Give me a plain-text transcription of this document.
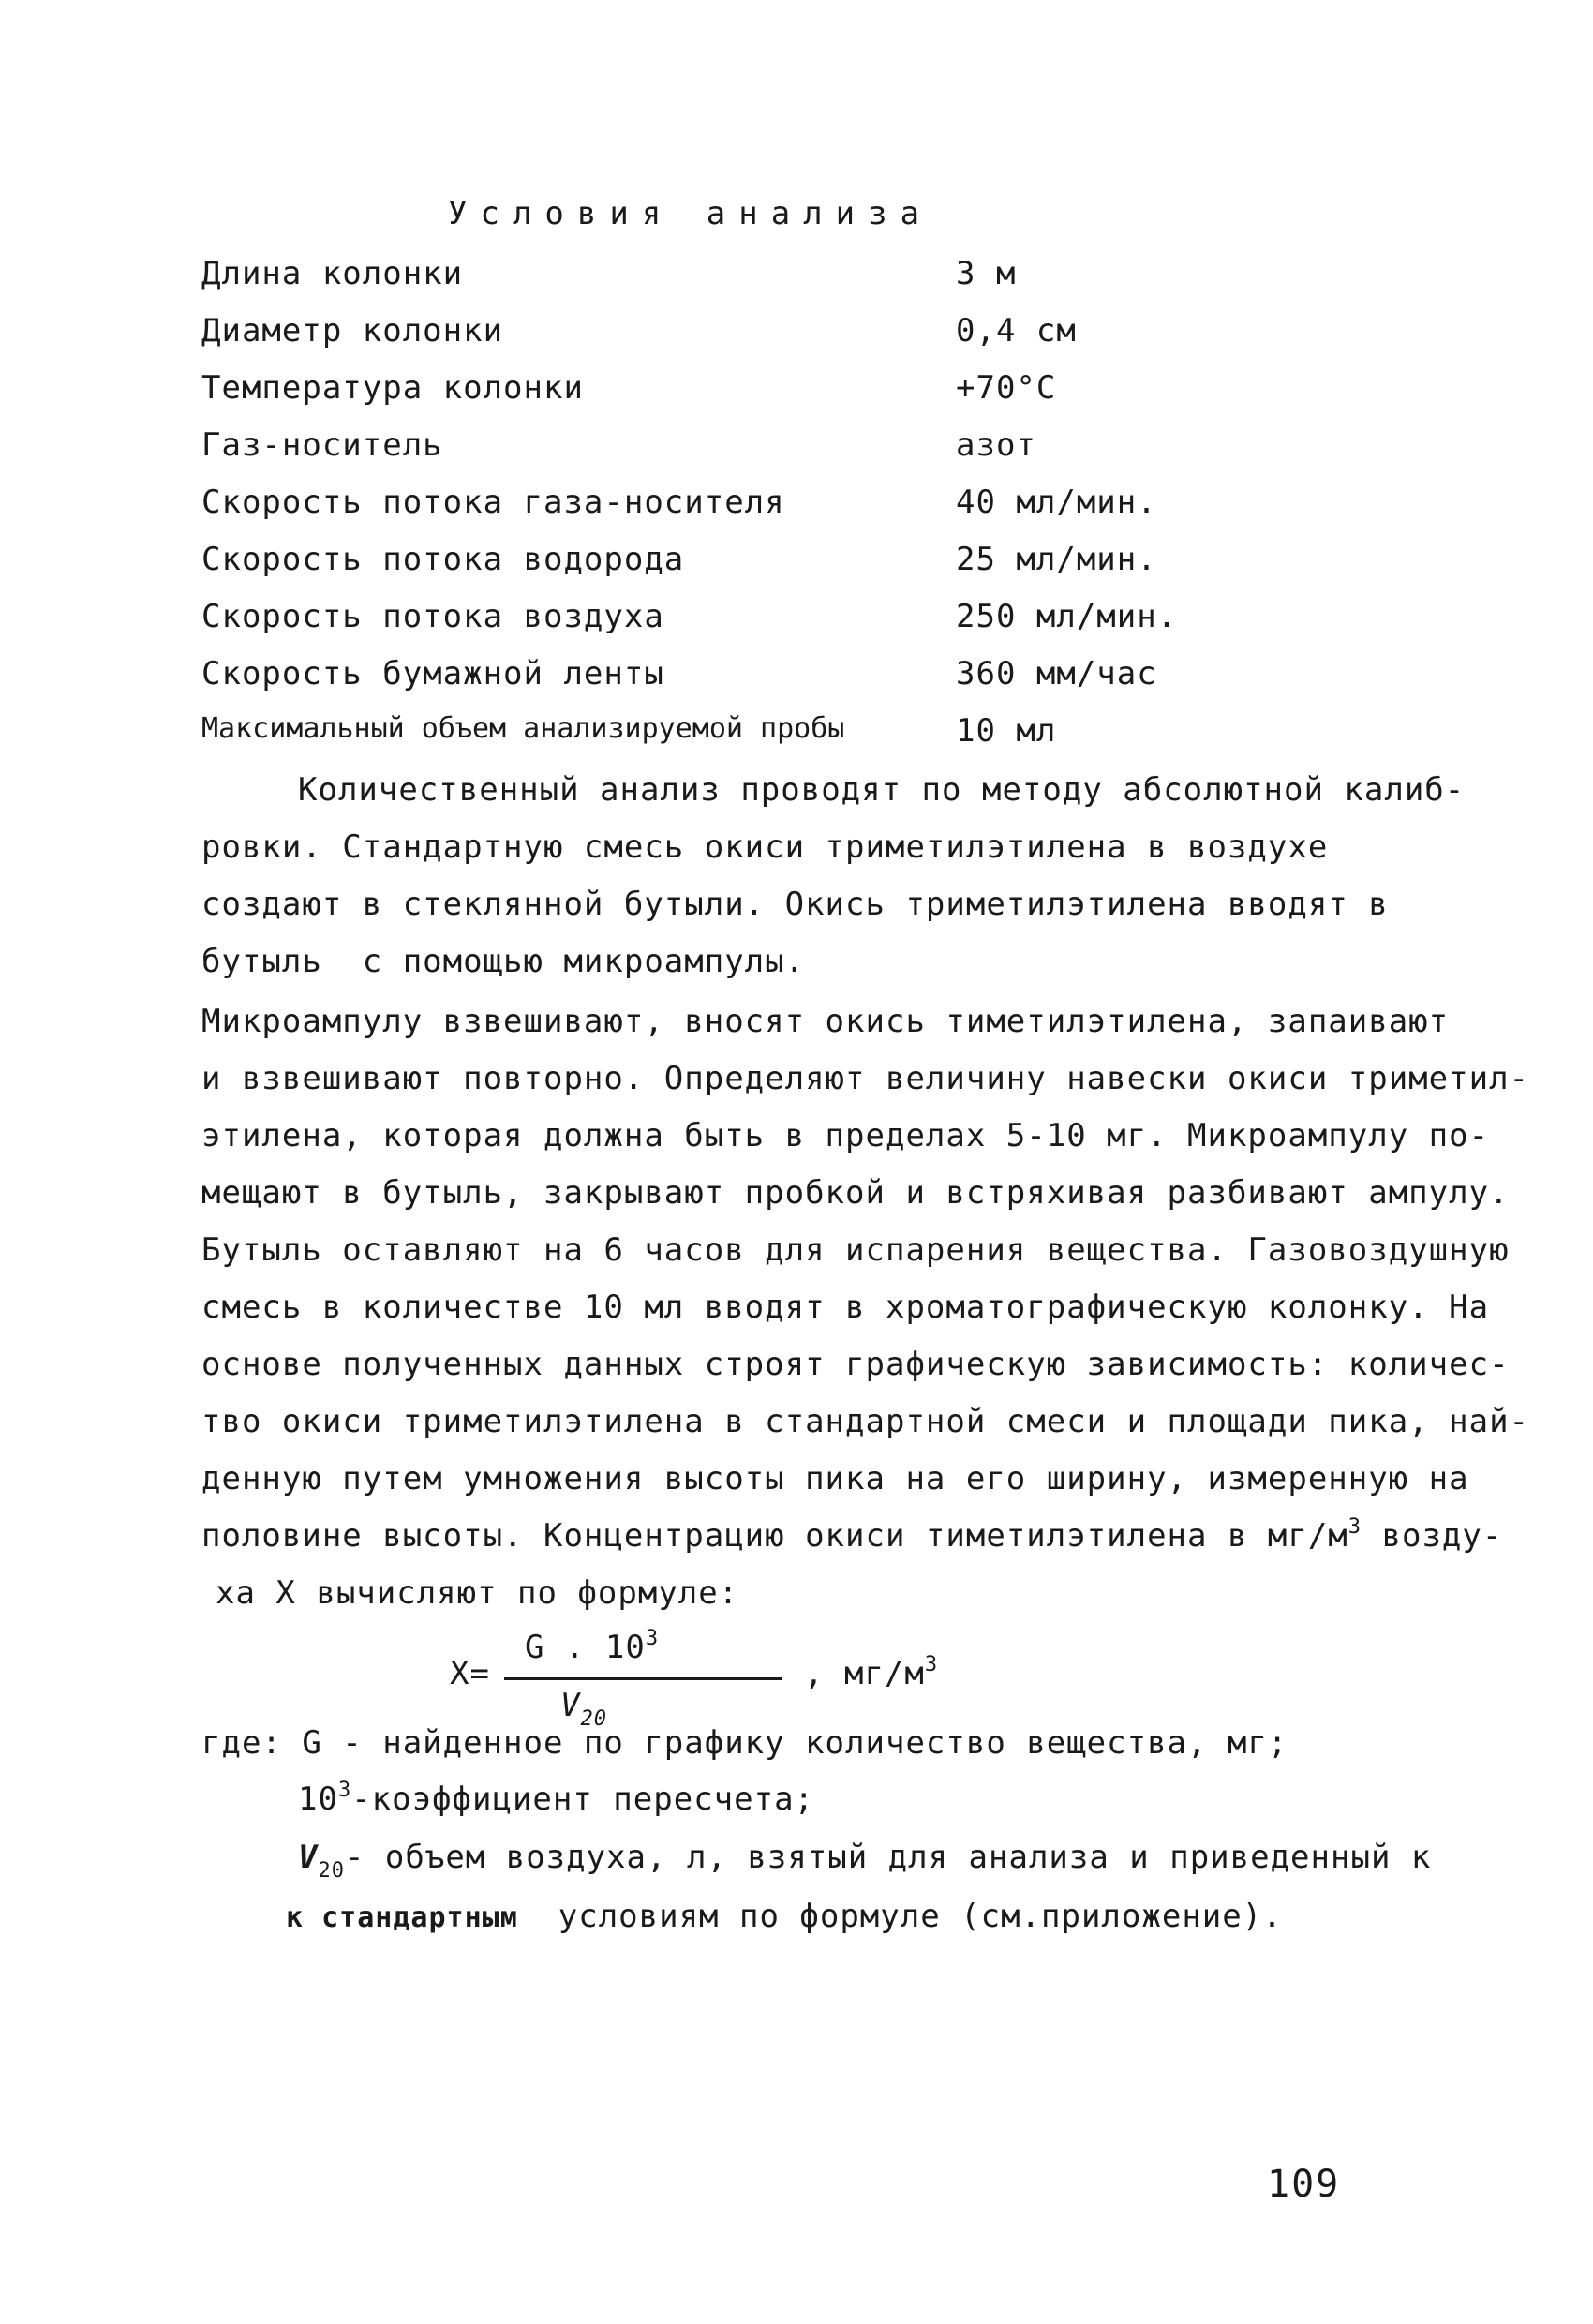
Условия анализа
Длина колонки	3 м
Диаметр колонки	0,4 см
Температура колонки	+70°С
Газ-носитель	азот
Скорость потока газа-носителя	40 мл/мин.
Скорость потока водорода	25 мл/мин.
Скорость потока воздуха	250 мл/мин.
Скорость бумажной ленты	360 мм/час
Максимальный объем анализируемой пробы	10 мл
Количественный анализ проводят по методу абсолютной калиб-
ровки. Стандартную смесь окиси триметилэтилена в воздухе
создают в стеклянной бутыли. Окись триметилэтилена вводят в
бутыль  с помощью микроампулы.
Микроампулу взвешивают, вносят окись тиметилэтилена, запаивают
и взвешивают повторно. Определяют величину навески окиси триметил-
этилена, которая должна быть в пределах 5-10 мг. Микроампулу по-
мещают в бутыль, закрывают пробкой и встряхивая разбивают ампулу.
Бутыль оставляют на 6 часов для испарения вещества. Газовоздушную
смесь в количестве 10 мл вводят в хроматографическую колонку. На
основе полученных данных строят графическую зависимость: количес-
тво окиси триметилэтилена в стандартной смеси и площади пика, най-
денную путем умножения высоты пика на его ширину, измеренную на
половине высоты. Концентрацию окиси тиметилэтилена в $мг/м^3$ возду-
ха X вычисляют по формуле:
X=
G . $10^3$
$V_{20}$
, $мг/м^3$
где: G - найденное по графику количество вещества, мг;
$10^3$-коэффициент пересчета;
$V_{20}-$ объем воздуха, л, взятый для анализа и приведенный к
к стандартным  условиям по формуле (см.приложение).
109
